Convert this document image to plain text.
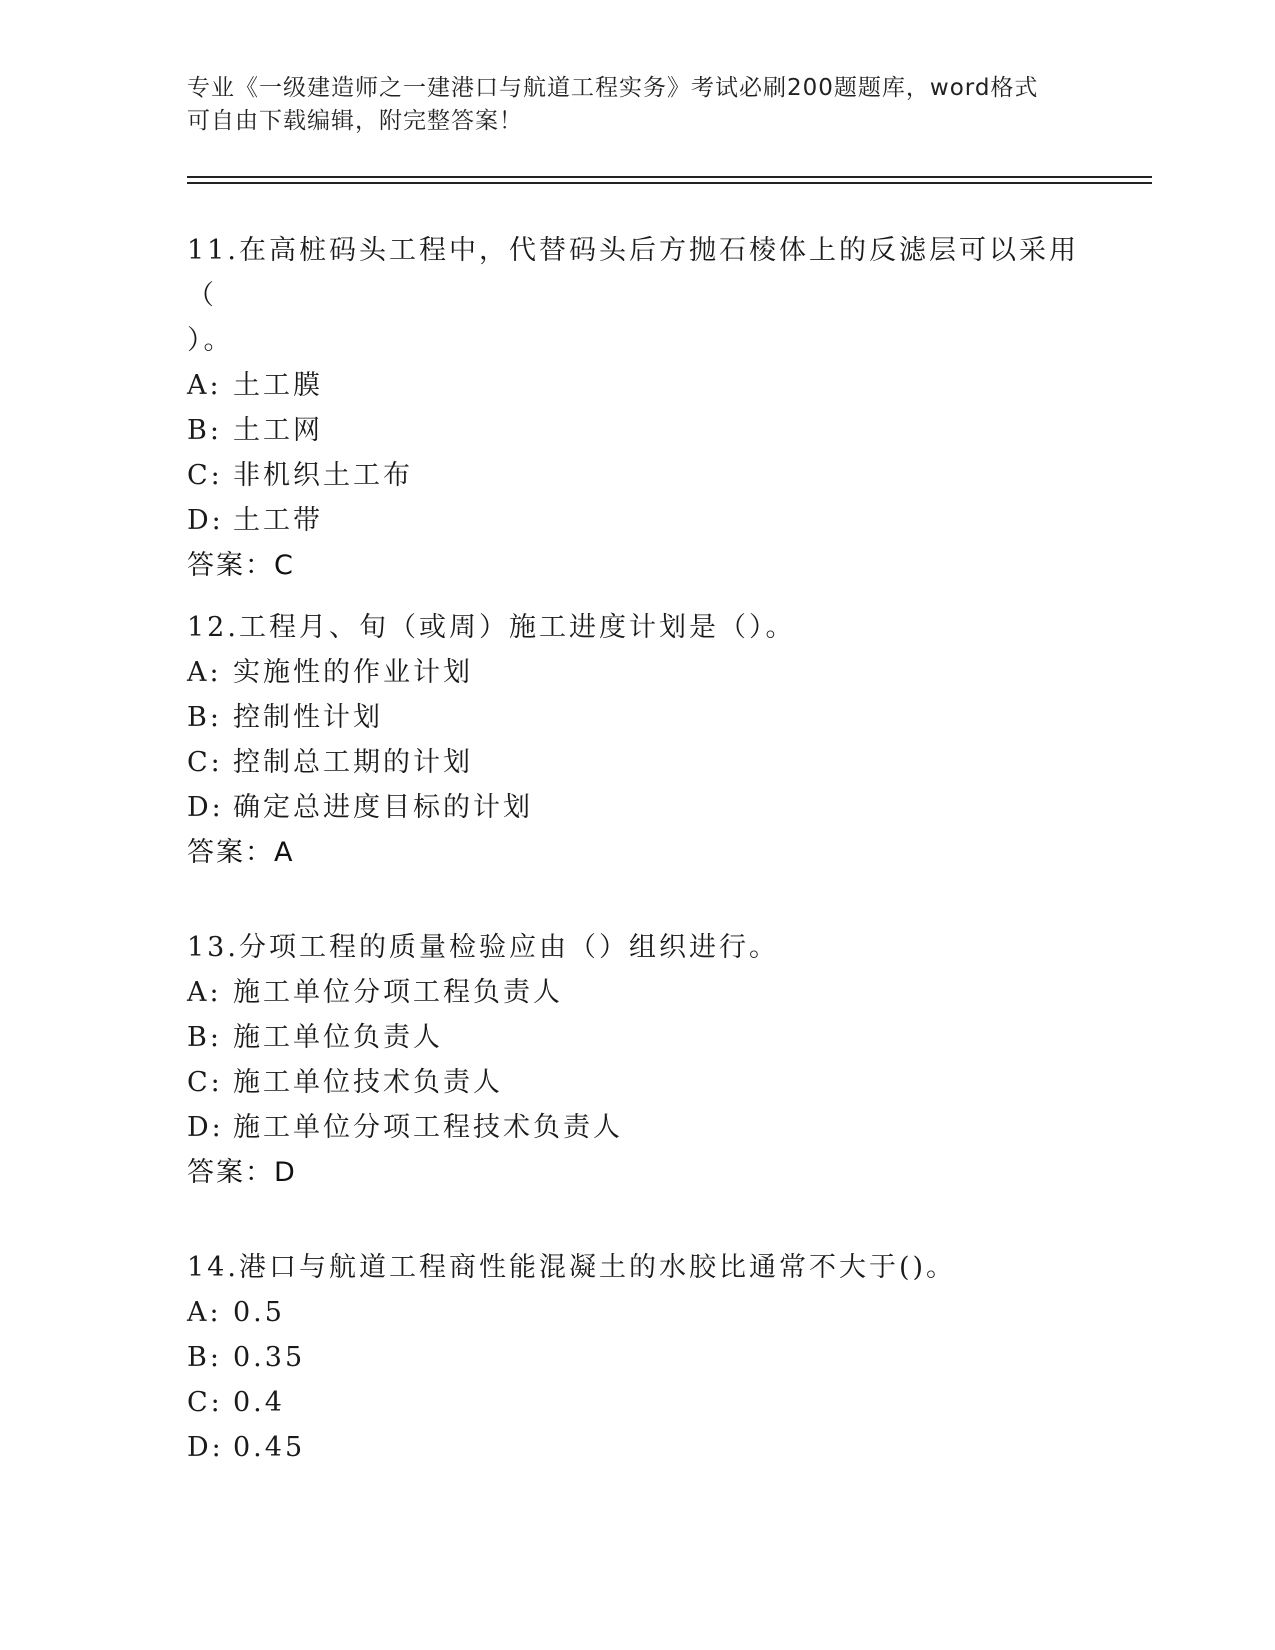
专业《一级建造师之一建港口与航道工程实务》考试必刷200题题库，word格式

可自由下载编辑，附完整答案！

11.在高桩码头工程中，代替码头后方抛石棱体上的反滤层可以采用（

）。

A: 土工膜

B: 土工网

C: 非机织土工布

D: 土工带

答案：C

12.工程月、旬（或周）施工进度计划是（）。

A: 实施性的作业计划

B: 控制性计划

C: 控制总工期的计划

D: 确定总进度目标的计划

答案：A

13.分项工程的质量检验应由（）组织进行。

A: 施工单位分项工程负责人

B: 施工单位负责人

C: 施工单位技术负责人

D: 施工单位分项工程技术负责人

答案：D

14.港口与航道工程商性能混凝土的水胶比通常不大于()。

A: 0.5

B: 0.35

C: 0.4

D: 0.45
